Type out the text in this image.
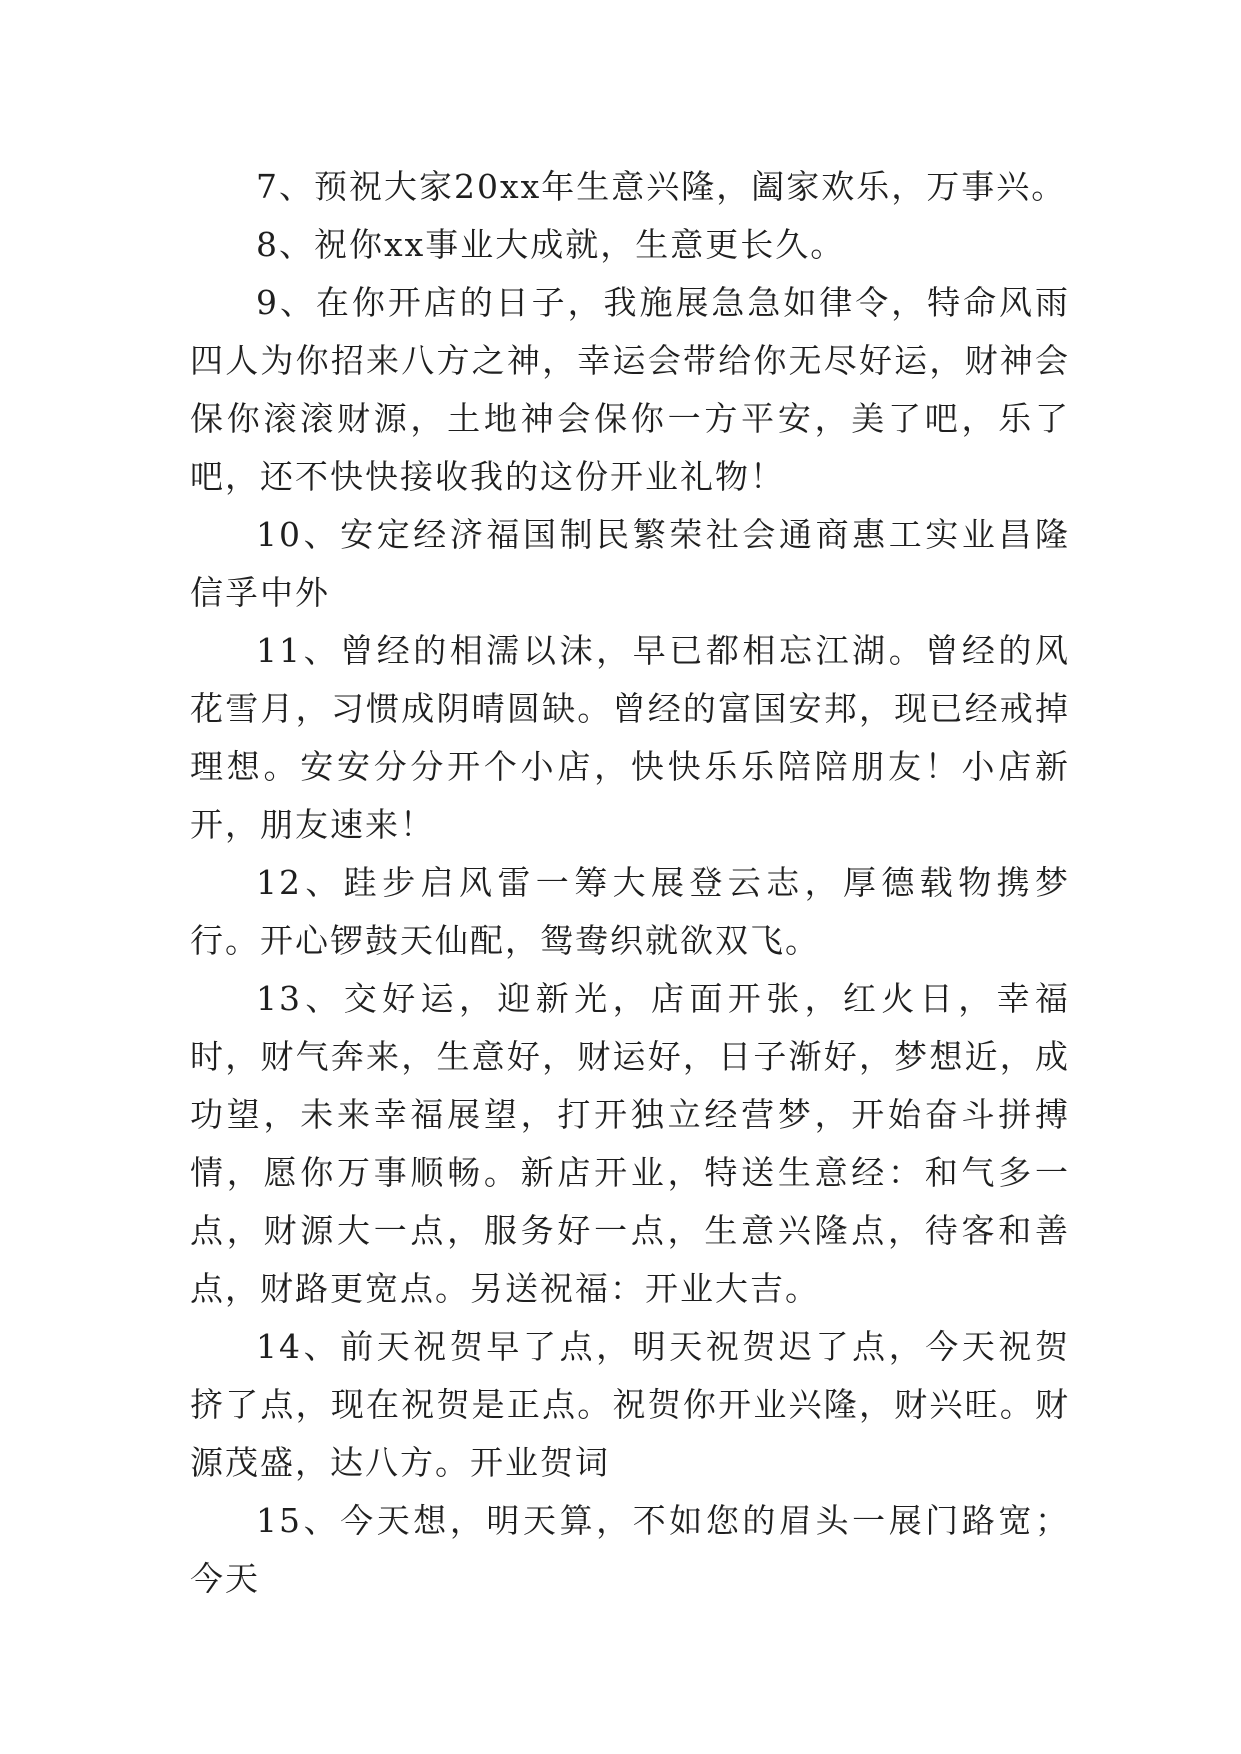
7、预祝大家20xx年生意兴隆，阖家欢乐，万事兴。

8、祝你xx事业大成就，生意更长久。

9、在你开店的日子，我施展急急如律令，特命风雨四人为你招来八方之神，幸运会带给你无尽好运，财神会保你滚滚财源，土地神会保你一方平安，美了吧，乐了吧，还不快快接收我的这份开业礼物！

10、安定经济福国制民繁荣社会通商惠工实业昌隆信孚中外

11、曾经的相濡以沫，早已都相忘江湖。曾经的风花雪月，习惯成阴晴圆缺。曾经的富国安邦，现已经戒掉理想。安安分分开个小店，快快乐乐陪陪朋友！小店新开，朋友速来！

12、跬步启风雷一筹大展登云志，厚德载物携梦行。开心锣鼓天仙配，鸳鸯织就欲双飞。

13、交好运，迎新光，店面开张，红火日，幸福时，财气奔来，生意好，财运好，日子渐好，梦想近，成功望，未来幸福展望，打开独立经营梦，开始奋斗拼搏情，愿你万事顺畅。新店开业，特送生意经：和气多一点，财源大一点，服务好一点，生意兴隆点，待客和善点，财路更宽点。另送祝福：开业大吉。

14、前天祝贺早了点，明天祝贺迟了点，今天祝贺挤了点，现在祝贺是正点。祝贺你开业兴隆，财兴旺。财源茂盛，达八方。开业贺词

15、今天想，明天算，不如您的眉头一展门路宽；今天
